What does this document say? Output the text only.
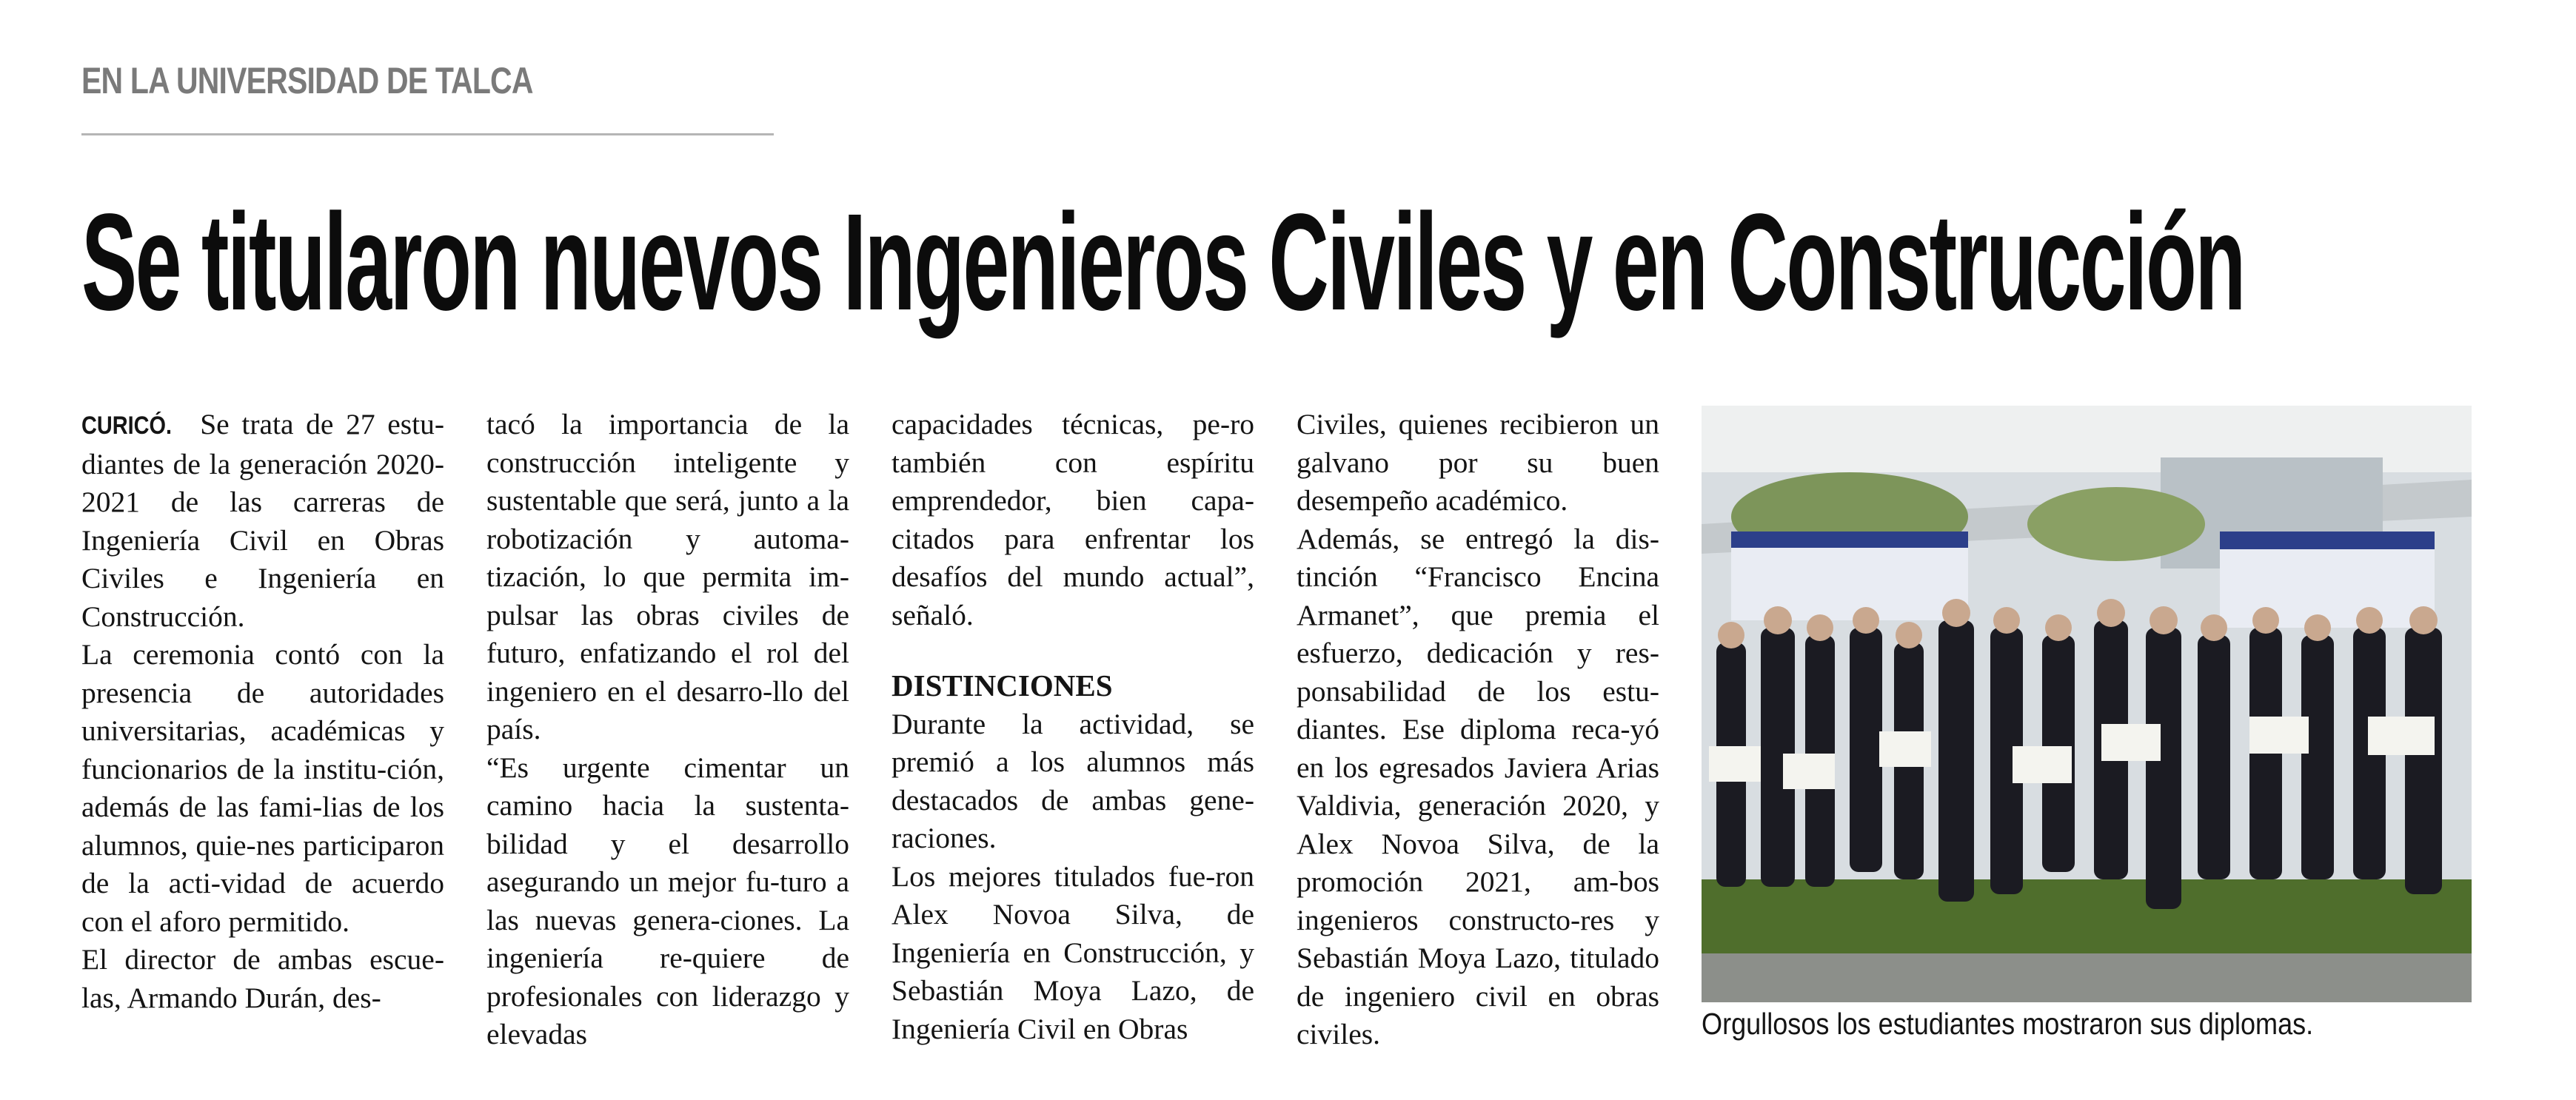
EN LA UNIVERSIDAD DE TALCA
Se titularon nuevos Ingenieros Civiles y en Construcción

CURICÓ. Se trata de 27 estu-diantes de la generación 2020-2021 de las carreras de Ingeniería Civil en Obras Civiles e Ingeniería en Construcción.

La ceremonia contó con la presencia de autoridades universitarias, académicas y funcionarios de la institu-ción, además de las fami-lias de los alumnos, quie-nes participaron de la acti-vidad de acuerdo con el aforo permitido.

El director de ambas escue-las, Armando Durán, des-

tacó la importancia de la construcción inteligente y sustentable que será, junto a la robotización y automa-tización, lo que permita im-pulsar las obras civiles de futuro, enfatizando el rol del ingeniero en el desarro-llo del país.

“Es urgente cimentar un camino hacia la sustenta-bilidad y el desarrollo asegurando un mejor fu-turo a las nuevas genera-ciones. La ingeniería re-quiere de profesionales con liderazgo y elevadas

capacidades técnicas, pe-ro también con espíritu emprendedor, bien capa-citados para enfrentar los desafíos del mundo actual”, señaló.

DISTINCIONES

Durante la actividad, se premió a los alumnos más destacados de ambas gene-raciones.

Los mejores titulados fue-ron Alex Novoa Silva, de Ingeniería en Construcción, y Sebastián Moya Lazo, de Ingeniería Civil en Obras

Civiles, quienes recibieron un galvano por su buen desempeño académico.

Además, se entregó la dis-tinción “Francisco Encina Armanet”, que premia el esfuerzo, dedicación y res-ponsabilidad de los estu-diantes. Ese diploma reca-yó en los egresados Javiera Arias Valdivia, generación 2020, y Alex Novoa Silva, de la promoción 2021, am-bos ingenieros constructo-res y Sebastián Moya Lazo, titulado de ingeniero civil en obras civiles.	Orgullosos los estudiantes mostraron sus diplomas.
